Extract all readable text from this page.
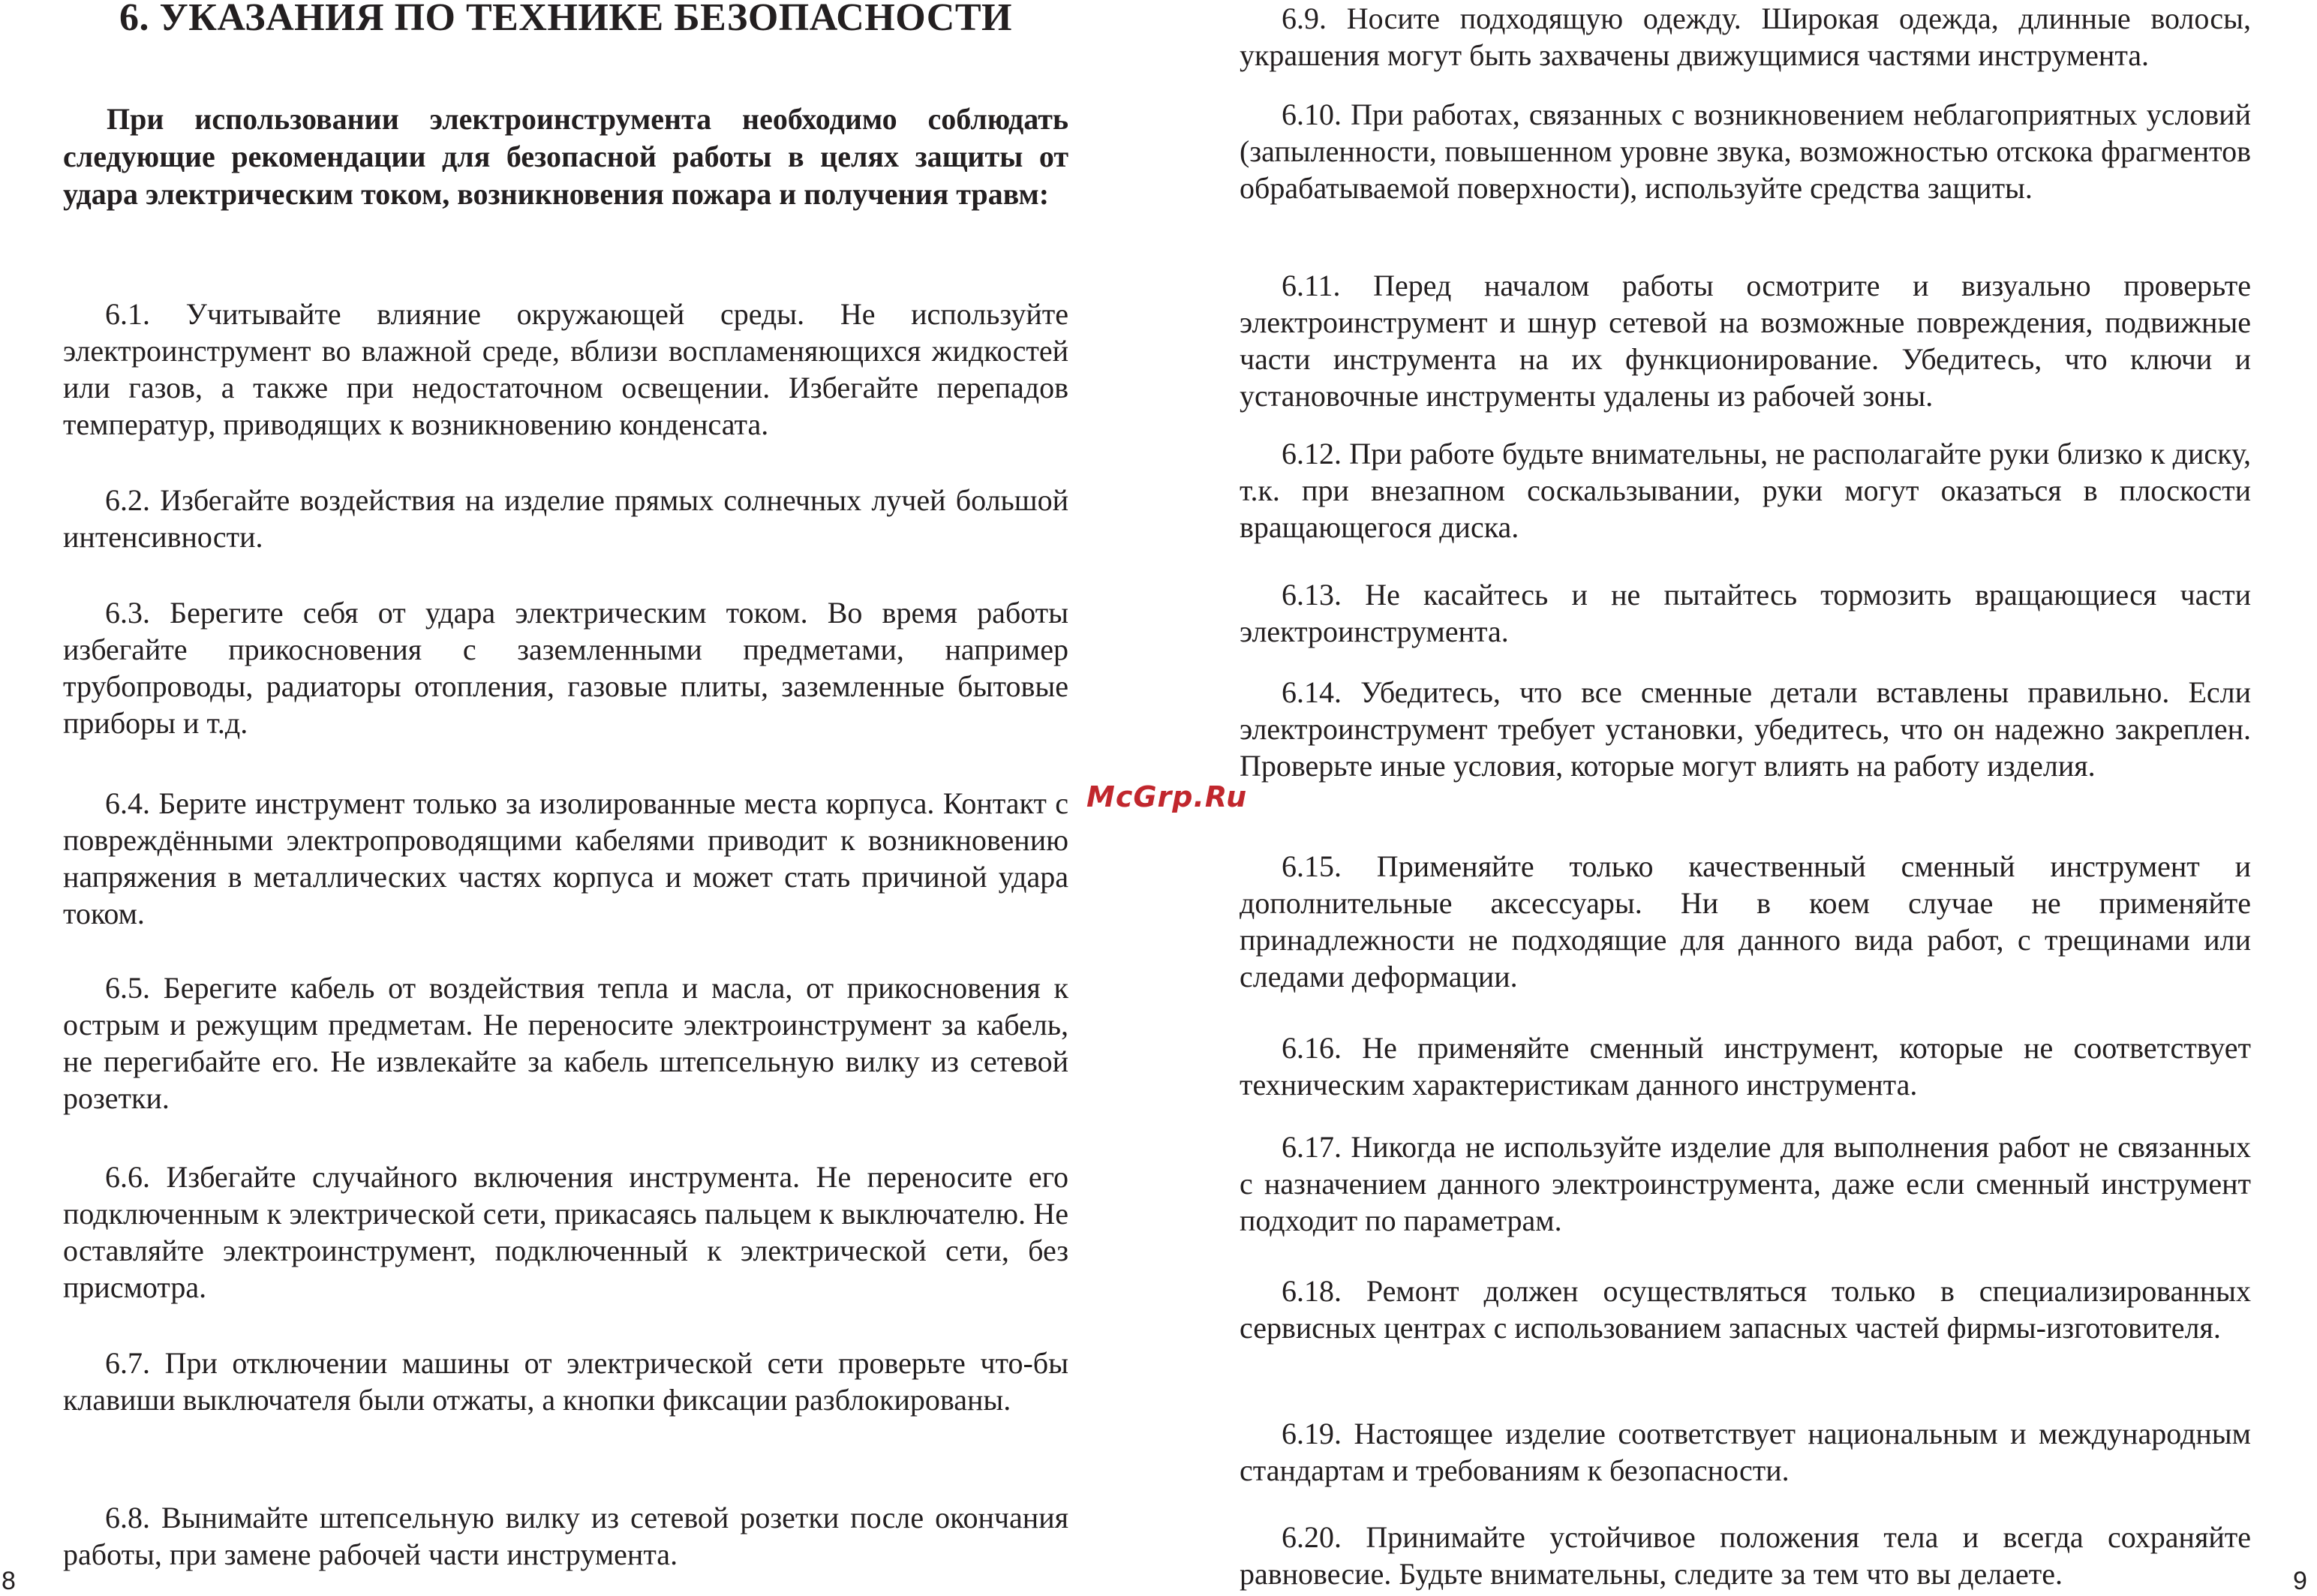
6. УКАЗАНИЯ ПО ТЕХНИКЕ БЕЗОПАСНОСТИ

При использовании электроинструмента необходимо соблюдать следующие рекомендации для безопасной работы в целях защиты от удара электрическим током, возникновения пожара и получения травм:

6.1. Учитывайте влияние окружающей среды. Не используйте электроинструмент во влажной среде, вблизи воспламеняющихся жидкостей или газов, а также при недостаточном освещении. Избегайте перепадов температур, приводящих к возникновению конденсата.

6.2. Избегайте воздействия на изделие прямых солнечных лучей большой интенсивности.

6.3. Берегите себя от удара электрическим током. Во время работы избегайте прикосновения с заземленными предметами, например трубопроводы, радиаторы отопления, газовые плиты, заземленные бытовые приборы и т.д.

6.4. Берите инструмент только за изолированные места корпуса. Контакт с повреждёнными электропроводящими кабелями приводит к возникновению напряжения в металлических частях корпуса и может стать причиной удара током.

6.5. Берегите кабель от воздействия тепла и масла, от прикосновения к острым и режущим предметам. Не переносите электроинструмент за кабель, не перегибайте его. Не извлекайте за кабель штепсельную вилку из сетевой розетки.

6.6. Избегайте случайного включения инструмента. Не переносите его подключенным к электрической сети, прикасаясь пальцем к выключателю. Не оставляйте электроинструмент, подключенный к электрической сети, без присмотра.

6.7. При отключении машины от электрической сети проверьте что-бы клавиши выключателя были отжаты, а кнопки фиксации разблокированы.

6.8. Вынимайте штепсельную вилку из сетевой розетки после окончания работы, при замене рабочей части инструмента.

8

6.9. Носите подходящую одежду. Широкая одежда, длинные волосы, украшения могут быть захвачены движущимися частями инструмента.

6.10. При работах, связанных с возникновением неблагоприятных условий (запыленности, повышенном уровне звука, возможностью отскока фрагментов обрабатываемой поверхности), используйте средства защиты.

6.11. Перед началом работы осмотрите и визуально проверьте электроинструмент и шнур сетевой на возможные повреждения, подвижные части инструмента на их функционирование. Убедитесь, что ключи и установочные инструменты удалены из рабочей зоны.

6.12. При работе будьте внимательны, не располагайте руки близко к диску, т.к. при внезапном соскальзывании, руки могут оказаться в плоскости вращающегося диска.

6.13. Не касайтесь и не пытайтесь тормозить вращающиеся части электроинструмента.

6.14. Убедитесь, что все сменные детали вставлены правильно. Если электроинструмент требует установки, убедитесь, что он надежно закреплен. Проверьте иные условия, которые могут влиять на работу изделия.

6.15. Применяйте только качественный сменный инструмент и дополнительные аксессуары. Ни в коем случае не применяйте принадлежности не подходящие для данного вида работ, с трещинами или следами деформации.

6.16. Не применяйте сменный инструмент, которые не соответствует техническим характеристикам данного инструмента.

6.17. Никогда не используйте изделие для выполнения работ не связанных с назначением данного электроинструмента, даже если сменный инструмент подходит по параметрам.

6.18. Ремонт должен осуществляться только в специализированных сервисных центрах с использованием запасных частей фирмы-изготовителя.

6.19. Настоящее изделие соответствует национальным и международным стандартам и требованиям к безопасности.

6.20. Принимайте устойчивое положения тела и всегда сохраняйте равновесие. Будьте внимательны, следите за тем что вы делаете.	9
McGrp.Ru
